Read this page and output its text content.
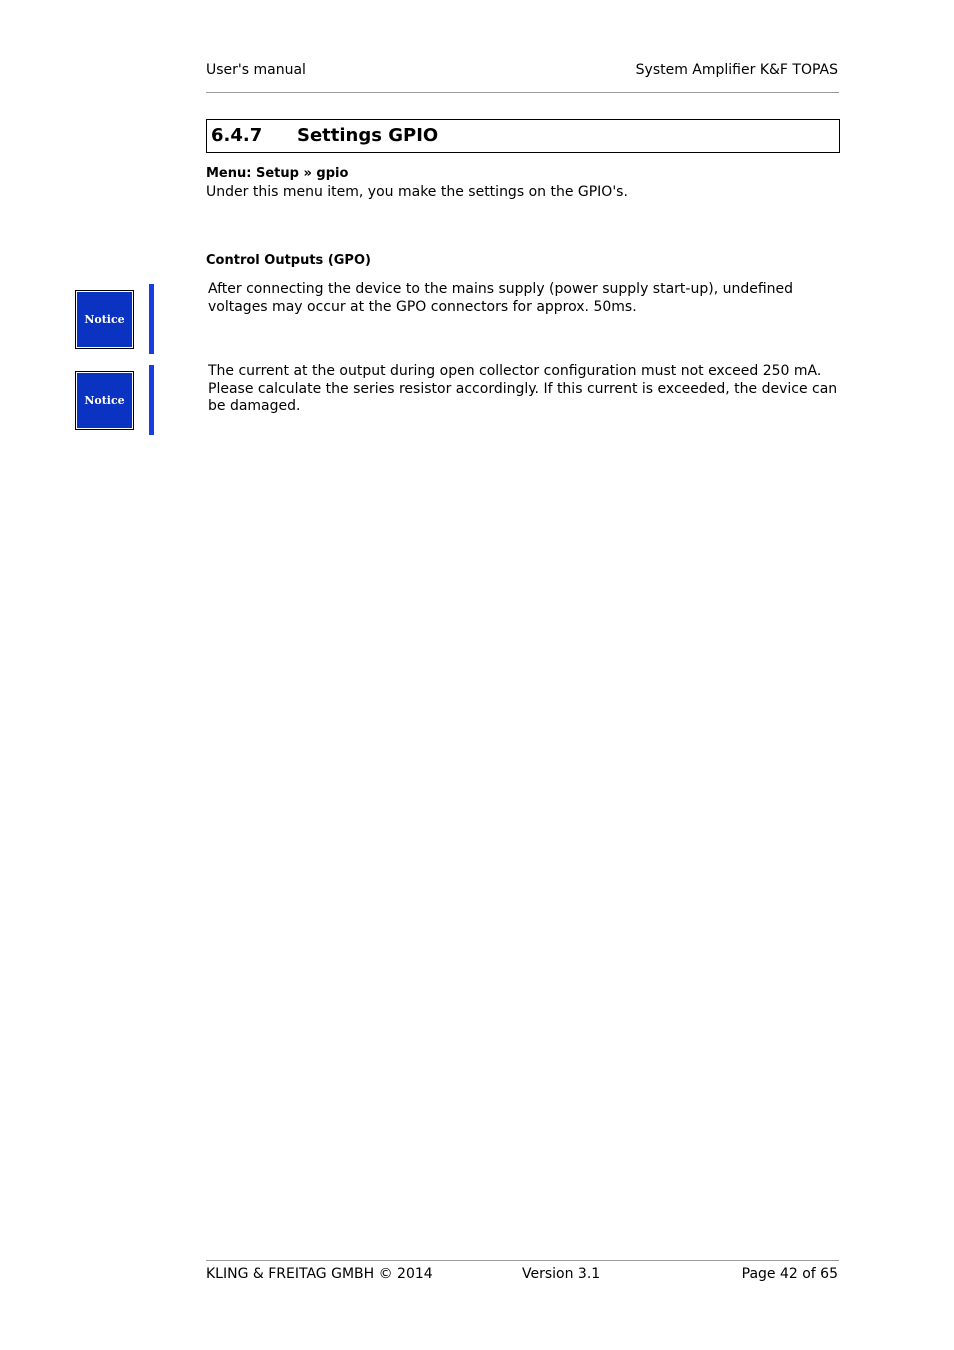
User's manual	System Amplifier K&F TOPAS
6.4.7 Settings GPIO
Menu: Setup » gpio
Under this menu item, you make the settings on the GPIO's.
Control Outputs (GPO)
Notice
After connecting the device to the mains supply (power supply start-up), undefined voltages may occur at the GPO connectors for approx. 50ms.
Notice
The current at the output during open collector configuration must not exceed 250 mA. Please calculate the series resistor accordingly. If this current is exceeded, the device can be damaged.
KLING & FREITAG GMBH © 2014	Version 3.1	Page 42 of 65
